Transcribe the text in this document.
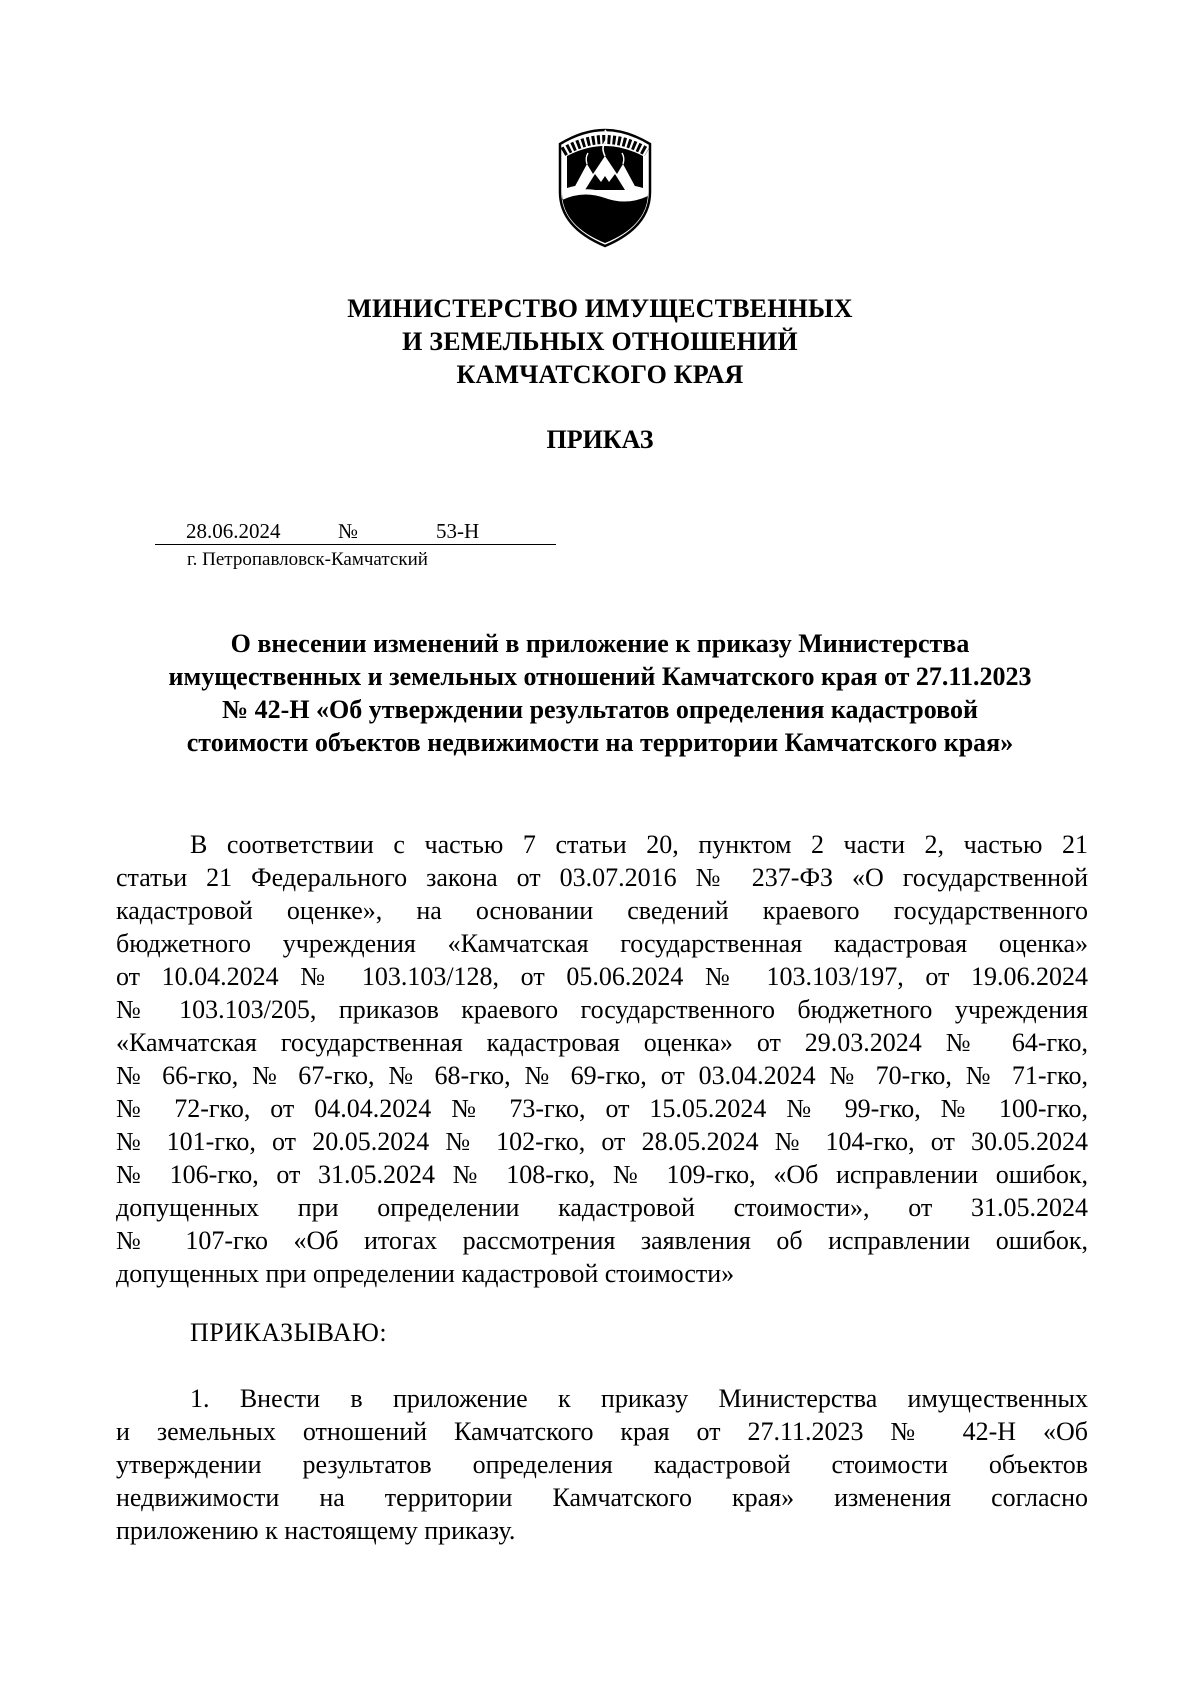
МИНИСТЕРСТВО ИМУЩЕСТВЕННЫХ
И ЗЕМЕЛЬНЫХ ОТНОШЕНИЙ
КАМЧАТСКОГО КРАЯ
ПРИКАЗ
28.06.2024	№	53-Н
г. Петропавловск-Камчатский
О внесении изменений в приложение к приказу Министерства
имущественных и земельных отношений Камчатского края от 27.11.2023
№ 42-Н «Об утверждении результатов определения кадастровой
стоимости объектов недвижимости на территории Камчатского края»
В соответствии с частью 7 статьи 20, пунктом 2 части 2, частью 21
статьи 21 Федерального закона от 03.07.2016 № 237-ФЗ «О государственной
кадастровой оценке», на основании сведений краевого государственного
бюджетного учреждения «Камчатская государственная кадастровая оценка»
от 10.04.2024 № 103.103/128, от 05.06.2024 № 103.103/197, от 19.06.2024
№ 103.103/205, приказов краевого государственного бюджетного учреждения
«Камчатская государственная кадастровая оценка» от 29.03.2024 № 64-гко,
№ 66-гко, № 67-гко, № 68-гко, № 69-гко, от 03.04.2024 № 70-гко, № 71-гко,
№ 72-гко, от 04.04.2024 № 73-гко, от 15.05.2024 № 99-гко, № 100-гко,
№ 101-гко, от 20.05.2024 № 102-гко, от 28.05.2024 № 104-гко, от 30.05.2024
№ 106-гко, от 31.05.2024 № 108-гко, № 109-гко, «Об исправлении ошибок,
допущенных при определении кадастровой стоимости», от 31.05.2024
№ 107-гко «Об итогах рассмотрения заявления об исправлении ошибок,
допущенных при определении кадастровой стоимости»
ПРИКАЗЫВАЮ:
1. Внести в приложение к приказу Министерства имущественных
и земельных отношений Камчатского края от 27.11.2023 № 42-Н «Об
утверждении результатов определения кадастровой стоимости объектов
недвижимости на территории Камчатского края» изменения согласно
приложению к настоящему приказу.
